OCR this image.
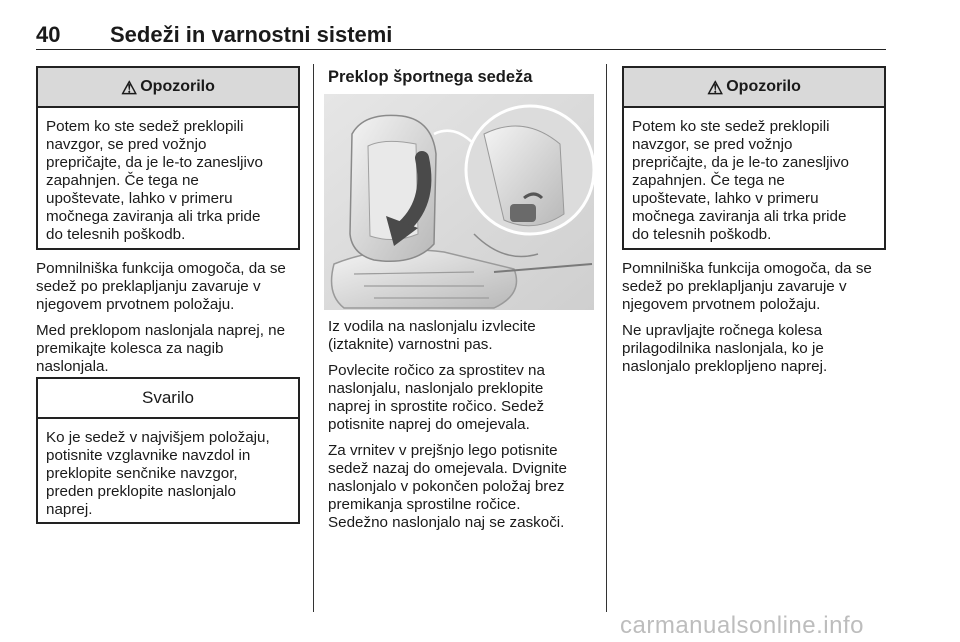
40 Sedeži in varnostni sistemi
⚠ Opozorilo
Potem ko ste sedež preklopili
navzgor, se pred vožnjo
prepričajte, da je le-to zanesljivo
zapahnjen. Če tega ne
upoštevate, lahko v primeru
močnega zaviranja ali trka pride
do telesnih poškodb.

Pomnilniška funkcija omogoča, da se
sedež po preklapljanju zavaruje v
njegovem prvotnem položaju.

Med preklopom naslonjala naprej, ne
premikajte kolesca za nagib
naslonjala.

Svarilo
Ko je sedež v najvišjem položaju,
potisnite vzglavnike navzdol in
preklopite senčnike navzgor,
preden preklopite naslonjalo
naprej.
Preklop športnega sedeža

Iz vodila na naslonjalu izvlecite
(iztaknite) varnostni pas.

Povlecite ročico za sprostitev na
naslonjalu, naslonjalo preklopite
naprej in sprostite ročico. Sedež
potisnite naprej do omejevala.

Za vrnitev v prejšnjo lego potisnite
sedež nazaj do omejevala. Dvignite
naslonjalo v pokončen položaj brez
premikanja sprostilne ročice.
Sedežno naslonjalo naj se zaskoči.

⚠ Opozorilo
Potem ko ste sedež preklopili
navzgor, se pred vožnjo
prepričajte, da je le-to zanesljivo
zapahnjen. Če tega ne
upoštevate, lahko v primeru
močnega zaviranja ali trka pride
do telesnih poškodb.

Pomnilniška funkcija omogoča, da se
sedež po preklapljanju zavaruje v
njegovem prvotnem položaju.

Ne upravljajte ročnega kolesa
prilagodilnika naslonjala, ko je
naslonjalo preklopljeno naprej.

carmanualsonline.info
